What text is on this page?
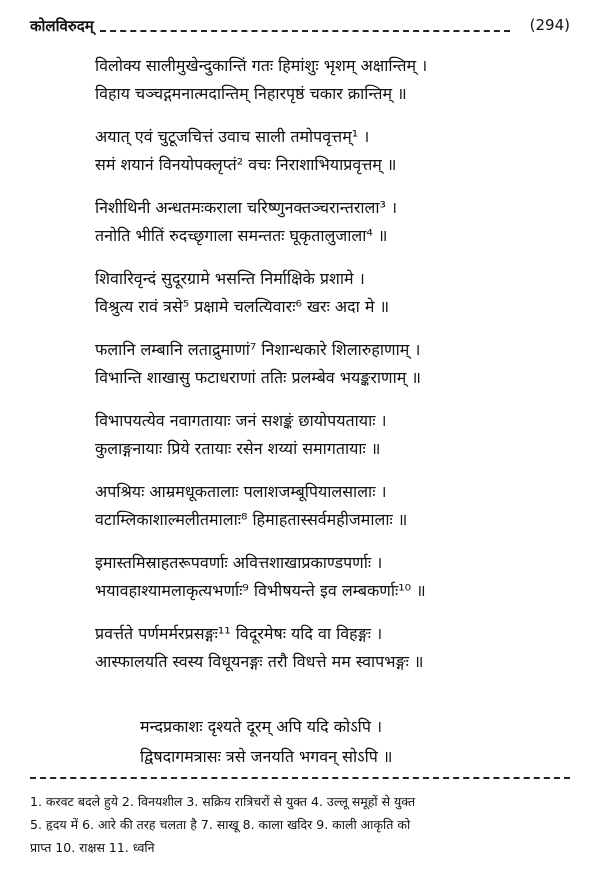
कोलविरुदम्	(294)
विलोक्य सालीमुखेन्दुकान्तिं गतः हिमांशुः भृशम् अक्षान्तिम् ।
विहाय चञ्चद्गमनात्मदान्तिम् निहारपृष्ठं चकार क्रान्तिम् ॥
अयात् एवं चुटूजचित्तं उवाच साली तमोपवृत्तम्¹ ।
समं शयानं विनयोपक्लृप्तं² वचः निराशाभियाप्रवृत्तम् ॥
निशीथिनी अन्धतमःकराला चरिष्णुनक्तञ्चरान्तराला³ ।
तनोति भीतिं रुदच्छृगाला समन्ततः घूकृतालुजाला⁴ ॥
शिवारिवृन्दं सुदूरग्रामे भसन्ति निर्माक्षिके प्रशामे ।
विश्रुत्य रावं त्रसे⁵ प्रक्षामे चलत्यिवारः⁶ खरः अदा मे ॥
फलानि लम्बानि लताद्रुमाणां⁷ निशान्धकारे शिलारुहाणाम् ।
विभान्ति शाखासु फटाधराणां ततिः प्रलम्बेव भयङ्कराणाम् ॥
विभापयत्येव नवागतायाः जनं सशङ्कं छायोपयतायाः ।
कुलाङ्गनायाः प्रिये रतायाः रसेन शय्यां समागतायाः ॥
अपश्रियः आम्रमधूकतालाः पलाशजम्बूपियालसालाः ।
वटाम्लिकाशाल्मलीतमालाः⁸ हिमाहतास्सर्वमहीजमालाः ॥
इमास्तमिस्राहतरूपवर्णाः अवित्तशाखाप्रकाण्डपर्णाः ।
भयावहाश्यामलाकृत्यभर्णाः⁹ विभीषयन्ते इव लम्बकर्णाः¹⁰ ॥
प्रवर्त्तते पर्णमर्मरप्रसङ्गः¹¹ विदूरमेषः यदि वा विहङ्गः ।
आस्फालयति स्वस्य विधूयनङ्गः तरौ विधत्ते मम स्वापभङ्गः ॥
मन्दप्रकाशः दृश्यते दूरम् अपि यदि कोऽपि ।
द्विषदागमत्रासः त्रसे जनयति भगवन् सोऽपि ॥
1. करवट बदले हुये 2. विनयशील 3. सक्रिय रात्रिचरों से युक्त 4. उल्लू समूहों से युक्त
5. हृदय में 6. आरे की तरह चलता है 7. साखू 8. काला खदिर 9. काली आकृति को
प्राप्त 10. राक्षस 11. ध्वनि
